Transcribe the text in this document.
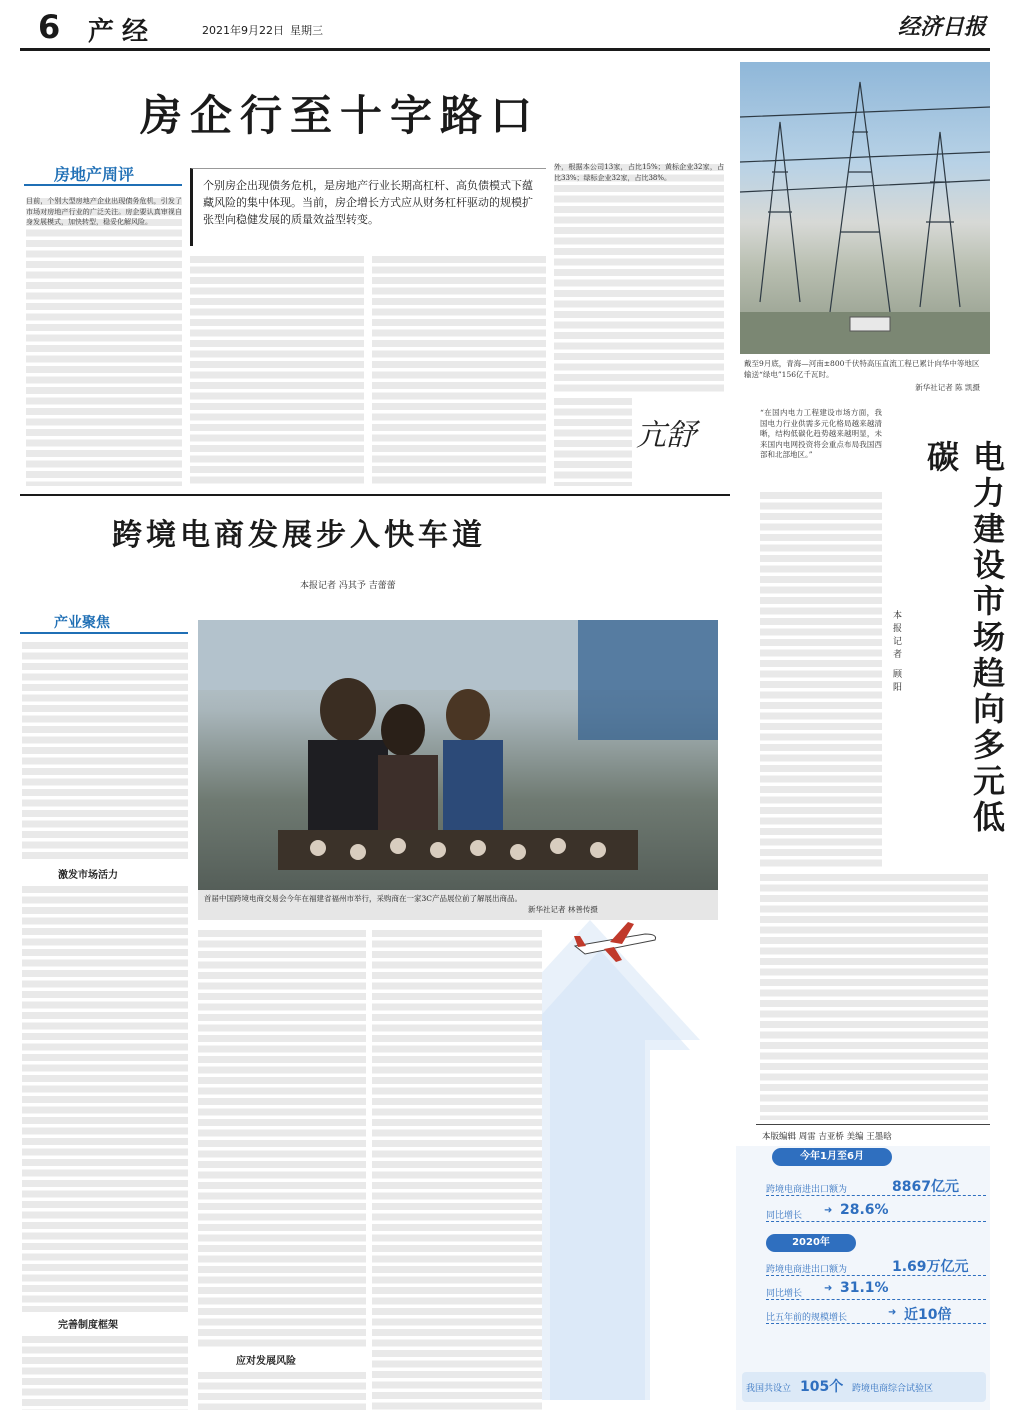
6 产经	2021年9月22日 星期三	经济日报
房企行至十字路口
房地产周评
目前，个别大型房地产企业出现债务危机，引发了市场对房地产行业的广泛关注。房企要认真审视自身发展模式，加快转型，稳妥化解风险。
个别房企出现债务危机，是房地产行业长期高杠杆、高负债模式下蕴藏风险的集中体现。当前，房企增长方式应从财务杠杆驱动的规模扩张型向稳健发展的质量效益型转变。
外，根据本公司13家，占比15%；黄标企业32家，占比33%；绿标企业32家，占比38%。
亢舒
戴至9月底，青海—河南±800千伏特高压直流工程已累计向华中等地区输送“绿电”156亿千瓦时。
新华社记者 陈 凯摄
跨境电商发展步入快车道
本报记者 冯其予 吉蕾蕾
产业聚焦
激发市场活力
完善制度框架
首届中国跨境电商交易会今年在福建省福州市举行，采购商在一家3C产品展位前了解展出商品。
新华社记者 林善传摄
应对发展风险
电力建设市场趋向多元低碳
本报记者 顾阳
“在国内电力工程建设市场方面，我国电力行业供需多元化格局越来越清晰，结构低碳化趋势越来越明显，未来国内电网投资将会重点布局我国西部和北部地区。”
本版编辑 周雷 吉亚桥 美编 王墨晗
今年1月至6月
跨境电商进出口额为	8867亿元
同比增长 ➜ 28.6%
2020年
跨境电商进出口额为	1.69万亿元
同比增长 ➜ 31.1%
比五年前的规模增长	➜ 近10倍
我国共设立 105个 跨境电商综合试验区
